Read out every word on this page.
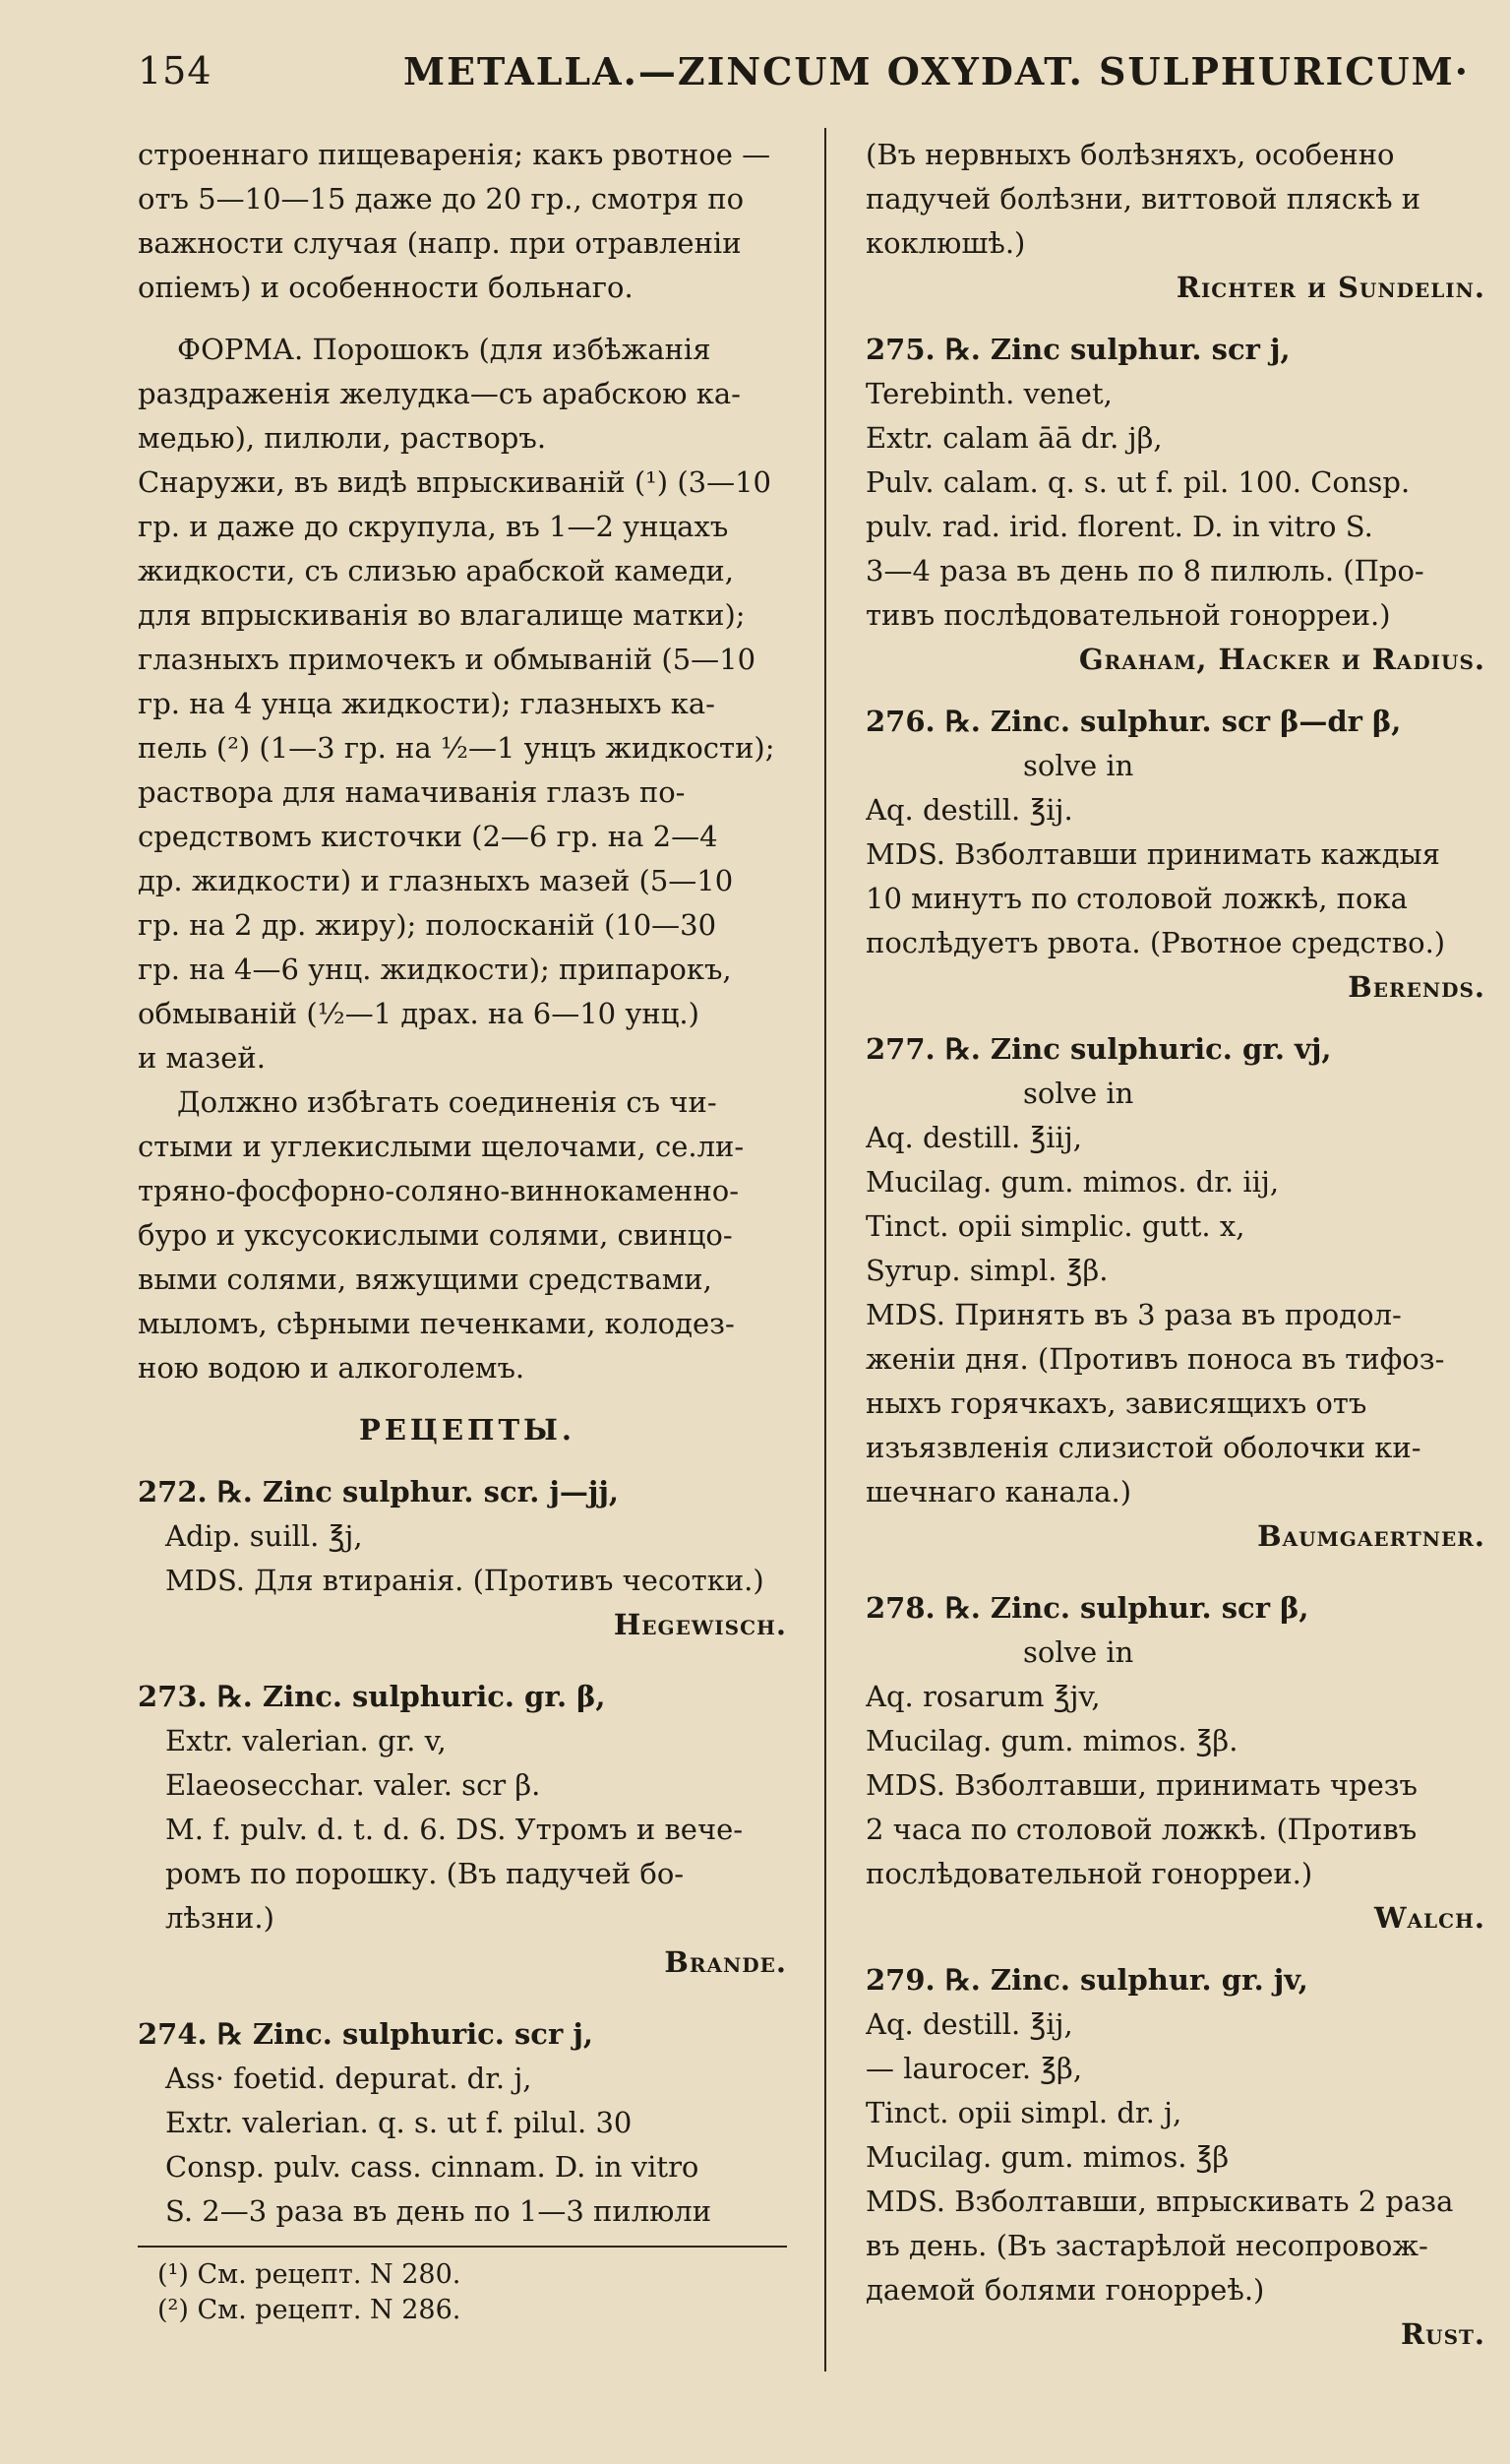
154	METALLA.—ZINCUM OXYDAT. SULPHURICUM·
строеннаго пищеваренія; какъ рвотное —
отъ 5—10—15 даже до 20 гр., смотря по
важности случая (напр. при отравленіи
опіемъ) и особенности больнаго.
ФОРМА. Порошокъ (для избѣжанія
раздраженія желудка—съ арабскою ка-
медью), пилюли, растворъ.
Снаружи, въ видѣ впрыскиваній (¹) (3—10
гр. и даже до скрупула, въ 1—2 унцахъ
жидкости, съ слизью арабской камеди,
для впрыскиванія во влагалище матки);
глазныхъ примочекъ и обмываній (5—10
гр. на 4 унца жидкости); глазныхъ ка-
пель (²) (1—3 гр. на ½—1 унцъ жидкости);
раствора для намачиванія глазъ по-
средствомъ кисточки (2—6 гр. на 2—4
др. жидкости) и глазныхъ мазей (5—10
гр. на 2 др. жиру); полосканій (10—30
гр. на 4—6 унц. жидкости); припарокъ,
обмываній (½—1 драх. на 6—10 унц.)
и мазей.
Должно избѣгать соединенія съ чи-
стыми и углекислыми щелочами, се.ли-
тряно-фосфорно-соляно-виннокаменно-
буро и уксусокислыми солями, свинцо-
выми солями, вяжущими средствами,
мыломъ, сѣрными печенками, колодез-
ною водою и алкоголемъ.
РЕЦЕПТЫ.
272. ℞. Zinc sulphur. scr. j—jj,
Adip. suill. ℥j,
MDS. Для втиранія. (Противъ чесотки.)
Hegewisch.
273. ℞. Zinc. sulphuric. gr. β,
Extr. valerian. gr. v,
Elaeosecchar. valer. scr β.
M. f. pulv. d. t. d. 6. DS. Утромъ и вече-
ромъ по порошку. (Въ падучей бо-
лѣзни.)
Brande.
274. ℞ Zinc. sulphuric. scr j,
Ass· foetid. depurat. dr. j,
Extr. valerian. q. s. ut f. pilul. 30
Consp. pulv. cass. cinnam. D. in vitro
S. 2—3 раза въ день по 1—3 пилюли
(¹) См. рецепт. N 280.
(²) См. рецепт. N 286.
(Въ нервныхъ болѣзняхъ, особенно
падучей болѣзни, виттовой пляскѣ и
коклюшѣ.)
Richter и Sundelin.
275. ℞. Zinc sulphur. scr j,
Terebinth. venet,
Extr. calam āā dr. jβ,
Pulv. calam. q. s. ut f. pil. 100. Consp.
pulv. rad. irid. florent. D. in vitro S.
3—4 раза въ день по 8 пилюль. (Про-
тивъ послѣдовательной гонорреи.)
Graham, Hacker и Radius.
276. ℞. Zinc. sulphur. scr β—dr β,
solve in
Aq. destill. ℥ij.
MDS. Взболтавши принимать каждыя
10 минутъ по столовой ложкѣ, пока
послѣдуетъ рвота. (Рвотное средство.)
Berends.
277. ℞. Zinc sulphuric. gr. vj,
solve in
Aq. destill. ℥iij,
Mucilag. gum. mimos. dr. iij,
Tinct. opii simplic. gutt. x,
Syrup. simpl. ℥β.
MDS. Принять въ 3 раза въ продол-
женіи дня. (Противъ поноса въ тифоз-
ныхъ горячкахъ, зависящихъ отъ
изъязвленія слизистой оболочки ки-
шечнаго канала.)
Baumgaertner.
278. ℞. Zinc. sulphur. scr β,
solve in
Aq. rosarum ℥jv,
Mucilag. gum. mimos. ℥β.
MDS. Взболтавши, принимать чрезъ
2 часа по столовой ложкѣ. (Противъ
послѣдовательной гонорреи.)
Walch.
279. ℞. Zinc. sulphur. gr. jv,
Aq. destill. ℥ij,
— laurocer. ℥β,
Tinct. opii simpl. dr. j,
Mucilag. gum. mimos. ℥β
MDS. Взболтавши, впрыскивать 2 раза
въ день. (Въ застарѣлой несопровож-
даемой болями гонорреѣ.)
Rust.
